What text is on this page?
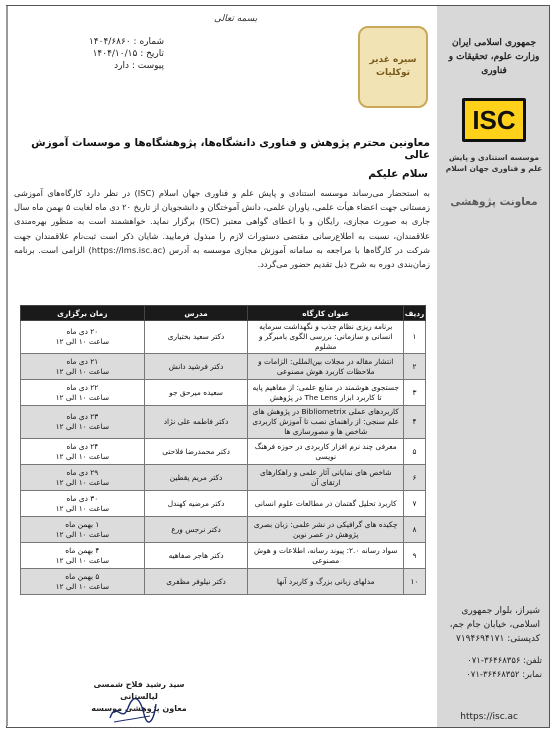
جمهوری اسلامی ایران
وزارت علوم، تحقیقات و فناوری
ISC
موسسه استنادی و پایش علم و فناوری جهان اسلام
معاونت پژوهشی
شیراز، بلوار جمهوری اسلامی، خیابان جام جم، کدپستی: ۷۱۹۴۶۹۴۱۷۱
تلفن: ۳۶۴۶۸۳۵۶-۰۷۱
نمابر: ۳۶۴۶۸۳۵۲-۰۷۱
https://isc.ac
بسمه تعالی
سیره غدیر
توکلیات
شماره : ۱۴۰۴/۶۸۶۰
تاریخ : ۱۴۰۴/۱۰/۱۵
پیوست : دارد
معاونین محترم پژوهش و فناوری دانشگاه‌ها، پژوهشگاه‌ها و موسسات آموزش عالی
سلام علیکم
به استحضار می‌رساند موسسه استنادی و پایش علم و فناوری جهان اسلام (ISC) در نظر دارد کارگاه‌های آموزشی زمستانی جهت اعضاء هیأت علمی، یاوران علمی، دانش آموختگان و دانشجویان از تاریخ ۲۰ دی ماه لغایت ۵ بهمن ماه سال جاری به صورت مجازی، رایگان و با اعطای گواهی معتبر (ISC) برگزار نماید. خواهشمند است به منظور بهره‌مندی علاقمندان، نسبت به اطلاع‌رسانی مقتضی دستورات لازم را مبذول فرمایید. شایان ذکر است ثبت‌نام علاقمندان جهت شرکت در کارگاه‌ها با مراجعه به سامانه آموزش مجازی موسسه به آدرس (https://lms.isc.ac) الزامی است. برنامه زمان‌بندی دوره به شرح ذیل تقدیم حضور می‌گردد.
ردیف	عنوان کارگاه	مدرس	زمان برگزاری
۱	برنامه ریزی نظام جذب و نگهداشت سرمایه انسانی و سازمانی: بررسی الگوی بامبرگر و مشلوم	دکتر سعید بختیاری	۲۰ دی ماه
ساعت ۱۰ الی ۱۲

۲	انتشار مقاله در مجلات بین‌المللی: الزامات و ملاحظات کاربرد هوش مصنوعی	دکتر فرشید دانش	۲۱ دی ماه
ساعت ۱۰ الی ۱۲

۳	جستجوی هوشمند در منابع علمی: از مفاهیم پایه تا کاربرد ابزار The Lens در پژوهش	سعیده میرحق جو	۲۲ دی ماه
ساعت ۱۰ الی ۱۲

۴	کاربردهای عملی Bibliometrix در پژوهش های علم سنجی: از راهنمای نصب تا آموزش کاربردی شاخص ها و مصورسازی ها	دکتر فاطمه علی نژاد	۲۳ دی ماه
ساعت ۱۰ الی ۱۲

۵	معرفی چند نرم افزار کاربردی در حوزه فرهنگ نویسی	دکتر محمدرضا فلاحتی	۲۴ دی ماه
ساعت ۱۰ الی ۱۲

۶	شاخص های نمایانی آثار علمی و راهکارهای ارتقای آن	دکتر مریم یقطین	۲۹ دی ماه
ساعت ۱۰ الی ۱۲

۷	کاربرد تحلیل گفتمان در مطالعات علوم انسانی	دکتر مرضیه کهندل	۳۰ دی ماه
ساعت ۱۰ الی ۱۲

۸	چکیده های گرافیکی در نشر علمی: زبان بصری پژوهش در عصر نوین	دکتر نرجس ورع	۱ بهمن ماه
ساعت ۱۰ الی ۱۲

۹	سواد رسانه ۲.۰: پیوند رسانه، اطلاعات و هوش مصنوعی	دکتر هاجر صفاهیه	۴ بهمن ماه
ساعت ۱۰ الی ۱۲

۱۰	مدلهای زبانی بزرگ و کاربرد آنها	دکتر نیلوفر مظفری	۵ بهمن ماه
ساعت ۱۰ الی ۱۲
سید رشید فلاح شمسی لیالستانی
معاون پژوهشی موسسه
